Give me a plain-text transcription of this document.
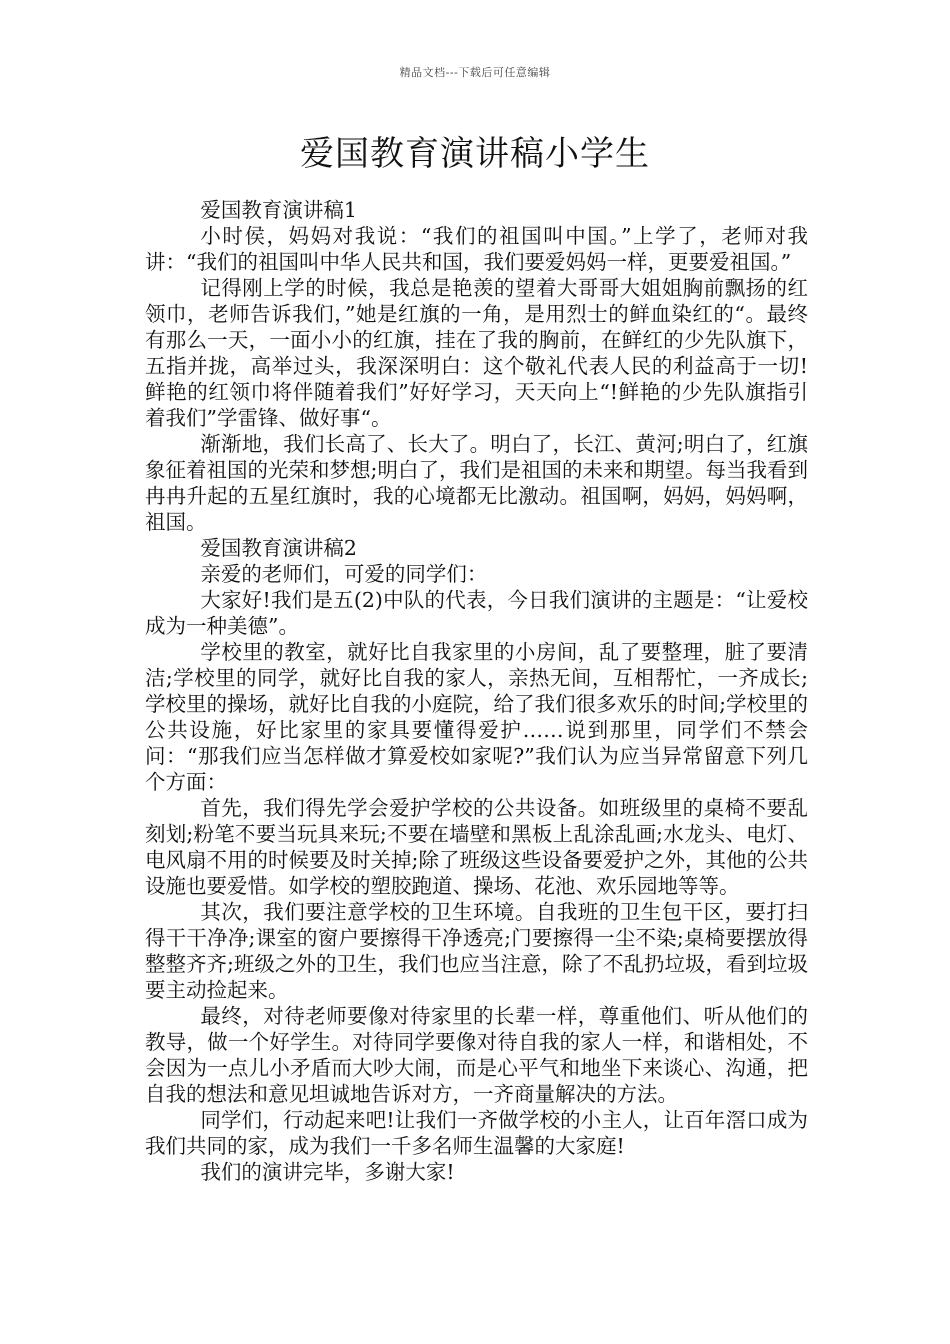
精品文档---下载后可任意编辑
爱国教育演讲稿小学生

爱国教育演讲稿1

小时侯，妈妈对我说：“我们的祖国叫中国。”上学了，老师对我讲：“我们的祖国叫中华人民共和国，我们要爱妈妈一样，更要爱祖国。”

记得刚上学的时候，我总是艳羡的望着大哥哥大姐姐胸前飘扬的红领巾，老师告诉我们，”她是红旗的一角，是用烈士的鲜血染红的“。最终有那么一天，一面小小的红旗，挂在了我的胸前，在鲜红的少先队旗下，五指并拢，高举过头，我深深明白：这个敬礼代表人民的利益高于一切!鲜艳的红领巾将伴随着我们”好好学习，天天向上“!鲜艳的少先队旗指引着我们”学雷锋、做好事“。

渐渐地，我们长高了、长大了。明白了，长江、黄河;明白了，红旗象征着祖国的光荣和梦想;明白了，我们是祖国的未来和期望。每当我看到冉冉升起的五星红旗时，我的心境都无比激动。祖国啊，妈妈，妈妈啊，祖国。

爱国教育演讲稿2

亲爱的老师们，可爱的同学们：

大家好!我们是五(2)中队的代表，今日我们演讲的主题是：“让爱校成为一种美德”。

学校里的教室，就好比自我家里的小房间，乱了要整理，脏了要清洁;学校里的同学，就好比自我的家人，亲热无间，互相帮忙，一齐成长;学校里的操场，就好比自我的小庭院，给了我们很多欢乐的时间;学校里的公共设施，好比家里的家具要懂得爱护……说到那里，同学们不禁会问：“那我们应当怎样做才算爱校如家呢?”我们认为应当异常留意下列几个方面：

首先，我们得先学会爱护学校的公共设备。如班级里的桌椅不要乱刻划;粉笔不要当玩具来玩;不要在墙壁和黑板上乱涂乱画;水龙头、电灯、电风扇不用的时候要及时关掉;除了班级这些设备要爱护之外，其他的公共设施也要爱惜。如学校的塑胶跑道、操场、花池、欢乐园地等等。

其次，我们要注意学校的卫生环境。自我班的卫生包干区，要打扫得干干净净;课室的窗户要擦得干净透亮;门要擦得一尘不染;桌椅要摆放得整整齐齐;班级之外的卫生，我们也应当注意，除了不乱扔垃圾，看到垃圾要主动捡起来。

最终，对待老师要像对待家里的长辈一样，尊重他们、听从他们的教导，做一个好学生。对待同学要像对待自我的家人一样，和谐相处，不会因为一点儿小矛盾而大吵大闹，而是心平气和地坐下来谈心、沟通，把自我的想法和意见坦诚地告诉对方，一齐商量解决的方法。

同学们，行动起来吧!让我们一齐做学校的小主人，让百年滘口成为我们共同的家，成为我们一千多名师生温馨的大家庭!

我们的演讲完毕，多谢大家!
